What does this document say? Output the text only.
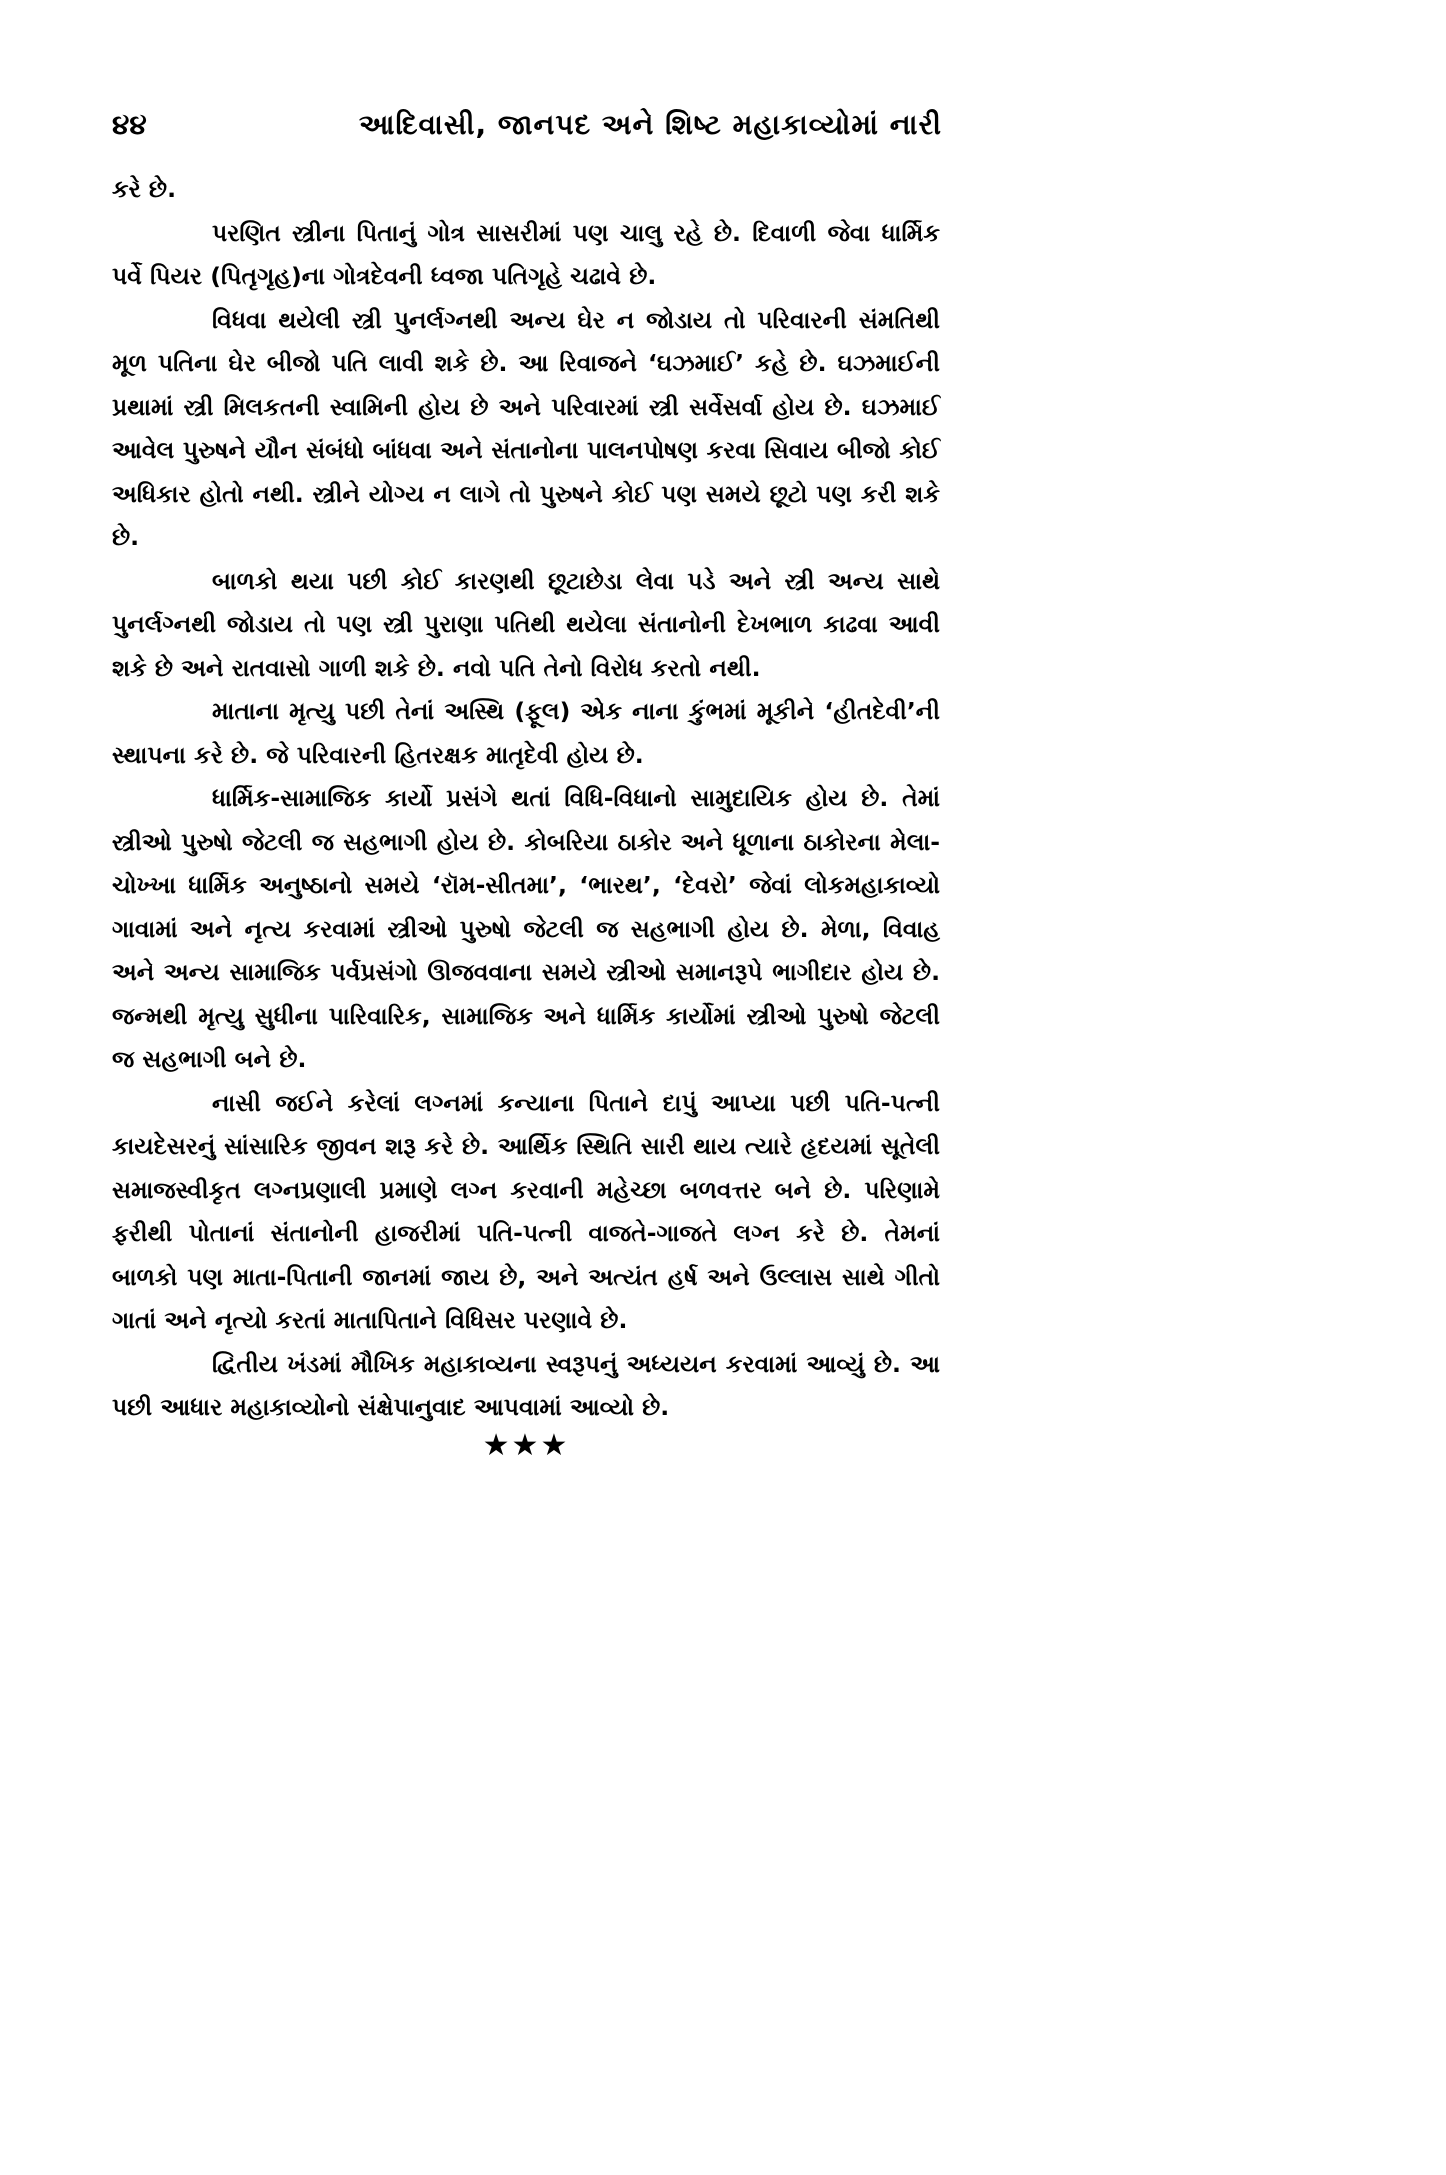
૪૪	આદિવાસી, જાનપદ અને શિષ્ટ મહાકાવ્યોમાં નારી

કરે છે.

પરણિત સ્ત્રીના પિતાનું ગોત્ર સાસરીમાં પણ ચાલુ રહે છે. દિવાળી જેવા ધાર્મિક પર્વે પિયર (પિતૃગૃહ)ના ગોત્રદેવની ધ્વજા પતિગૃહે ચઢાવે છે.

વિધવા થયેલી સ્ત્રી પુનર્લગ્નથી અન્ય ઘેર ન જોડાય તો પરિવારની સંમતિથી મૂળ પતિના ઘેર બીજો પતિ લાવી શકે છે. આ રિવાજને ‘ઘઝમાઈ’ કહે છે. ઘઝમાઈની પ્રથામાં સ્ત્રી મિલકતની સ્વામિની હોય છે અને પરિવારમાં સ્ત્રી સર્વેસર્વા હોય છે. ઘઝમાઈ આવેલ પુરુષને યૌન સંબંધો બાંધવા અને સંતાનોના પાલનપોષણ કરવા સિવાય બીજો કોઈ અધિકાર હોતો નથી. સ્ત્રીને યોગ્ય ન લાગે તો પુરુષને કોઈ પણ સમયે છૂટો પણ કરી શકે છે.

બાળકો થયા પછી કોઈ કારણથી છૂટાછેડા લેવા પડે અને સ્ત્રી અન્ય સાથે પુનર્લગ્નથી જોડાય તો પણ સ્ત્રી પુરાણા પતિથી થયેલા સંતાનોની દેખભાળ કાઢવા આવી શકે છે અને રાતવાસો ગાળી શકે છે. નવો પતિ તેનો વિરોધ કરતો નથી.

માતાના મૃત્યુ પછી તેનાં અસ્થિ (ફૂલ) એક નાના કુંભમાં મૂકીને ‘હીતદેવી’ની સ્થાપના કરે છે. જે પરિવારની હિતરક્ષક માતૃદેવી હોય છે.

ધાર્મિક-સામાજિક કાર્યો પ્રસંગે થતાં વિધિ-વિધાનો સામુદાયિક હોય છે. તેમાં સ્ત્રીઓ પુરુષો જેટલી જ સહભાગી હોય છે. કોબરિયા ઠાકોર અને ધૂળાના ઠાકોરના મેલા-ચોખ્ખા ધાર્મિક અનુષ્ઠાનો સમયે ‘રૉમ-સીતમા’, ‘ભારથ’, ‘દેવરો’ જેવાં લોકમહાકાવ્યો ગાવામાં અને નૃત્ય કરવામાં સ્ત્રીઓ પુરુષો જેટલી જ સહભાગી હોય છે. મેળા, વિવાહ અને અન્ય સામાજિક પર્વપ્રસંગો ઊજવવાના સમયે સ્ત્રીઓ સમાનરૂપે ભાગીદાર હોય છે. જન્મથી મૃત્યુ સુધીના પારિવારિક, સામાજિક અને ધાર્મિક કાર્યોમાં સ્ત્રીઓ પુરુષો જેટલી જ સહભાગી બને છે.

નાસી જઈને કરેલાં લગ્નમાં કન્યાના પિતાને દાપું આપ્યા પછી પતિ-પત્ની કાયદેસરનું સાંસારિક જીવન શરૂ કરે છે. આર્થિક સ્થિતિ સારી થાય ત્યારે હૃદયમાં સૂતેલી સમાજસ્વીકૃત લગ્નપ્રણાલી પ્રમાણે લગ્ન કરવાની મહેચ્છા બળવત્તર બને છે. પરિણામે ફરીથી પોતાનાં સંતાનોની હાજરીમાં પતિ-પત્ની વાજતે-ગાજતે લગ્ન કરે છે. તેમનાં બાળકો પણ માતા-પિતાની જાનમાં જાય છે, અને અત્યંત હર્ષ અને ઉલ્લાસ સાથે ગીતો ગાતાં અને નૃત્યો કરતાં માતાપિતાને વિધિસર પરણાવે છે.

દ્વિતીય ખંડમાં મૌખિક મહાકાવ્યના સ્વરૂપનું અધ્યયન કરવામાં આવ્યું છે. આ પછી આધાર મહાકાવ્યોનો સંક્ષેપાનુવાદ આપવામાં આવ્યો છે.

★★★
